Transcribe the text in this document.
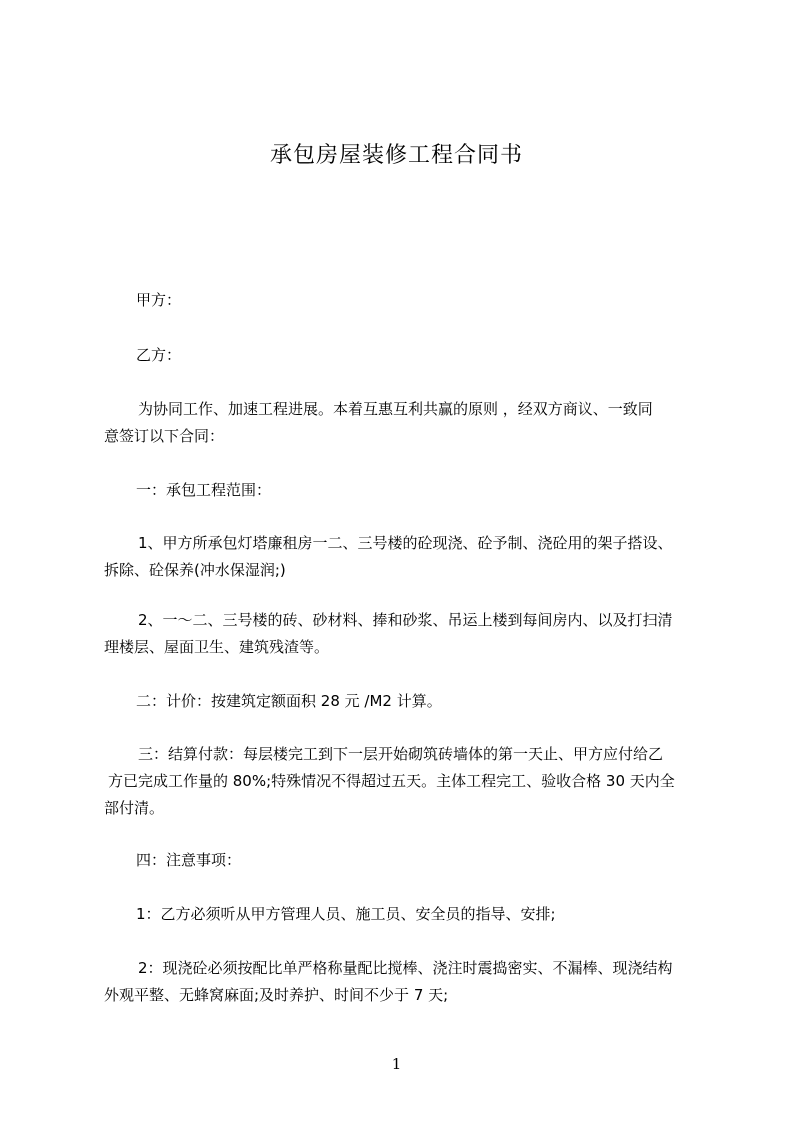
承包房屋装修工程合同书

甲方：

乙方：

为协同工作、加速工程进展。本着互惠互利共赢的原则 ，经双方商议、一致同
意签订以下合同：

一：承包工程范围：

1、甲方所承包灯塔廉租房一二、三号楼的砼现浇、砼予制、浇砼用的架子搭设、
拆除、砼保养(冲水保湿润;)

2、一～二、三号楼的砖、砂材料、捧和砂浆、吊运上楼到每间房内、以及打扫清
理楼层、屋面卫生、建筑残渣等。

二：计价：按建筑定额面积 28 元 /M2 计算。

三：结算付款：每层楼完工到下一层开始砌筑砖墙体的第一天止、甲方应付给乙
方已完成工作量的 80%;特殊情况不得超过五天。主体工程完工、验收合格 30 天内全
部付清。

四：注意事项：

1：乙方必须听从甲方管理人员、施工员、安全员的指导、安排;

2：现浇砼必须按配比单严格称量配比搅棒、浇注时震捣密实、不漏棒、现浇结构
外观平整、无蜂窝麻面;及时养护、时间不少于 7 天;

1
